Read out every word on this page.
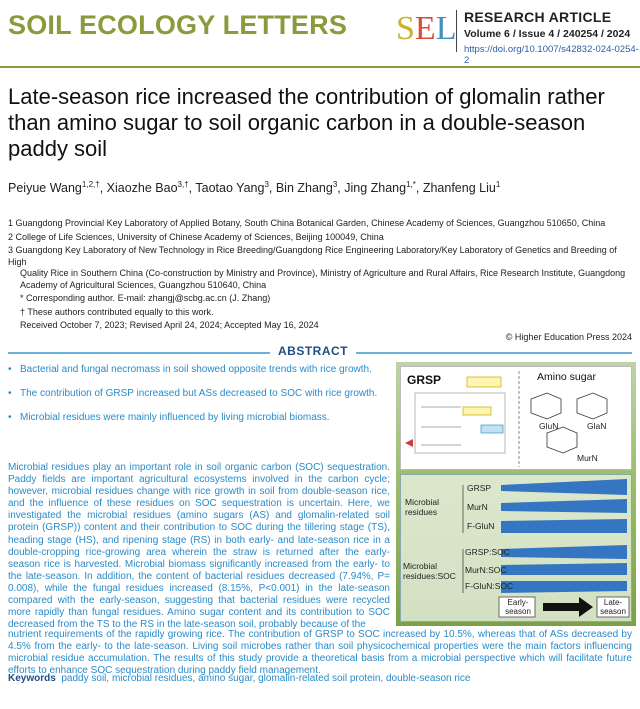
SOIL ECOLOGY LETTERS SEL RESEARCH ARTICLE
Volume 6 / Issue 4 / 240254 / 2024
https://doi.org/10.1007/s42832-024-0254-2
Late-season rice increased the contribution of glomalin rather than amino sugar to soil organic carbon in a double-season paddy soil
Peiyue Wang$^{1,2,\dagger}$, Xiaozhe Bao$^{3,\dagger}$, Taotao Yang$^3$, Bin Zhang$^3$, Jing Zhang$^{1,*}$, Zhanfeng Liu$^1$

1 Guangdong Provincial Key Laboratory of Applied Botany, South China Botanical Garden, Chinese Academy of Sciences, Guangzhou 510650, China

2 College of Life Sciences, University of Chinese Academy of Sciences, Beijing 100049, China

3 Guangdong Key Laboratory of New Technology in Rice Breeding/Guangdong Rice Engineering Laboratory/Key Laboratory of Genetics and Breeding of High
Quality Rice in Southern China (Co-construction by Ministry and Province), Ministry of Agriculture and Rural Affairs, Rice Research Institute, Guangdong
Academy of Agricultural Sciences, Guangzhou 510640, China

* Corresponding author. E-mail: zhangj@scbg.ac.cn (J. Zhang)

† These authors contributed equally to this work.

Received October 7, 2023; Revised April 24, 2024; Accepted May 16, 2024

© Higher Education Press 2024
ABSTRACT
• Bacterial and fungal necromass in soil showed opposite trends with rice growth.
• The contribution of GRSP increased but ASs decreased to SOC with rice growth.
• Microbial residues were mainly influenced by living microbial biomass.
Microbial residues play an important role in soil organic carbon (SOC) sequestration. Paddy fields are important agricultural ecosystems involved in the carbon cycle; however, microbial residues change with rice growth in soil from double-season rice, and the influence of these residues on SOC sequestration is uncertain. Here, we investigated the microbial residues (amino sugars (AS) and glomalin-related soil protein (GRSP)) content and their contribution to SOC during the tillering stage (TS), heading stage (HS), and ripening stage (RS) in both early- and late-season rice in a double-cropping rice-growing area wherein the straw is returned after the early-season rice is harvested. Microbial biomass significantly increased from the early- to the late-season. In addition, the content of bacterial residues decreased (7.94%, P= 0.008), while the fungal residues increased (8.15%, P<0.001) in the late-season compared with the early-season, suggesting that bacterial residues were recycled more rapidly than fungal residues. Amino sugar content and its contribution to SOC decreased from the TS to the RS in the late-season soil, probably because of the
nutrient requirements of the rapidly growing rice. The contribution of GRSP to SOC increased by 10.5%, whereas that of ASs decreased by 4.5% from the early- to the late-season. Living soil microbes rather than soil physicochemical properties were the main factors influencing microbial residue accumulation. The results of this study provide a theoretical basis from a microbial perspective which will facilitate future efforts to enhance SOC sequestration during paddy field management.
Keywords paddy soil, microbial residues, amino sugar, glomalin-related soil protein, double-season rice
GRSP	Amino sugar
GluN	GlaN
MurN
Microbial residues
GRSP
MurN
F-GluN
Microbial residues:SOC
GRSP:SOC
MurN:SOC
F-GluN:SOC
Early-season
Late-season
